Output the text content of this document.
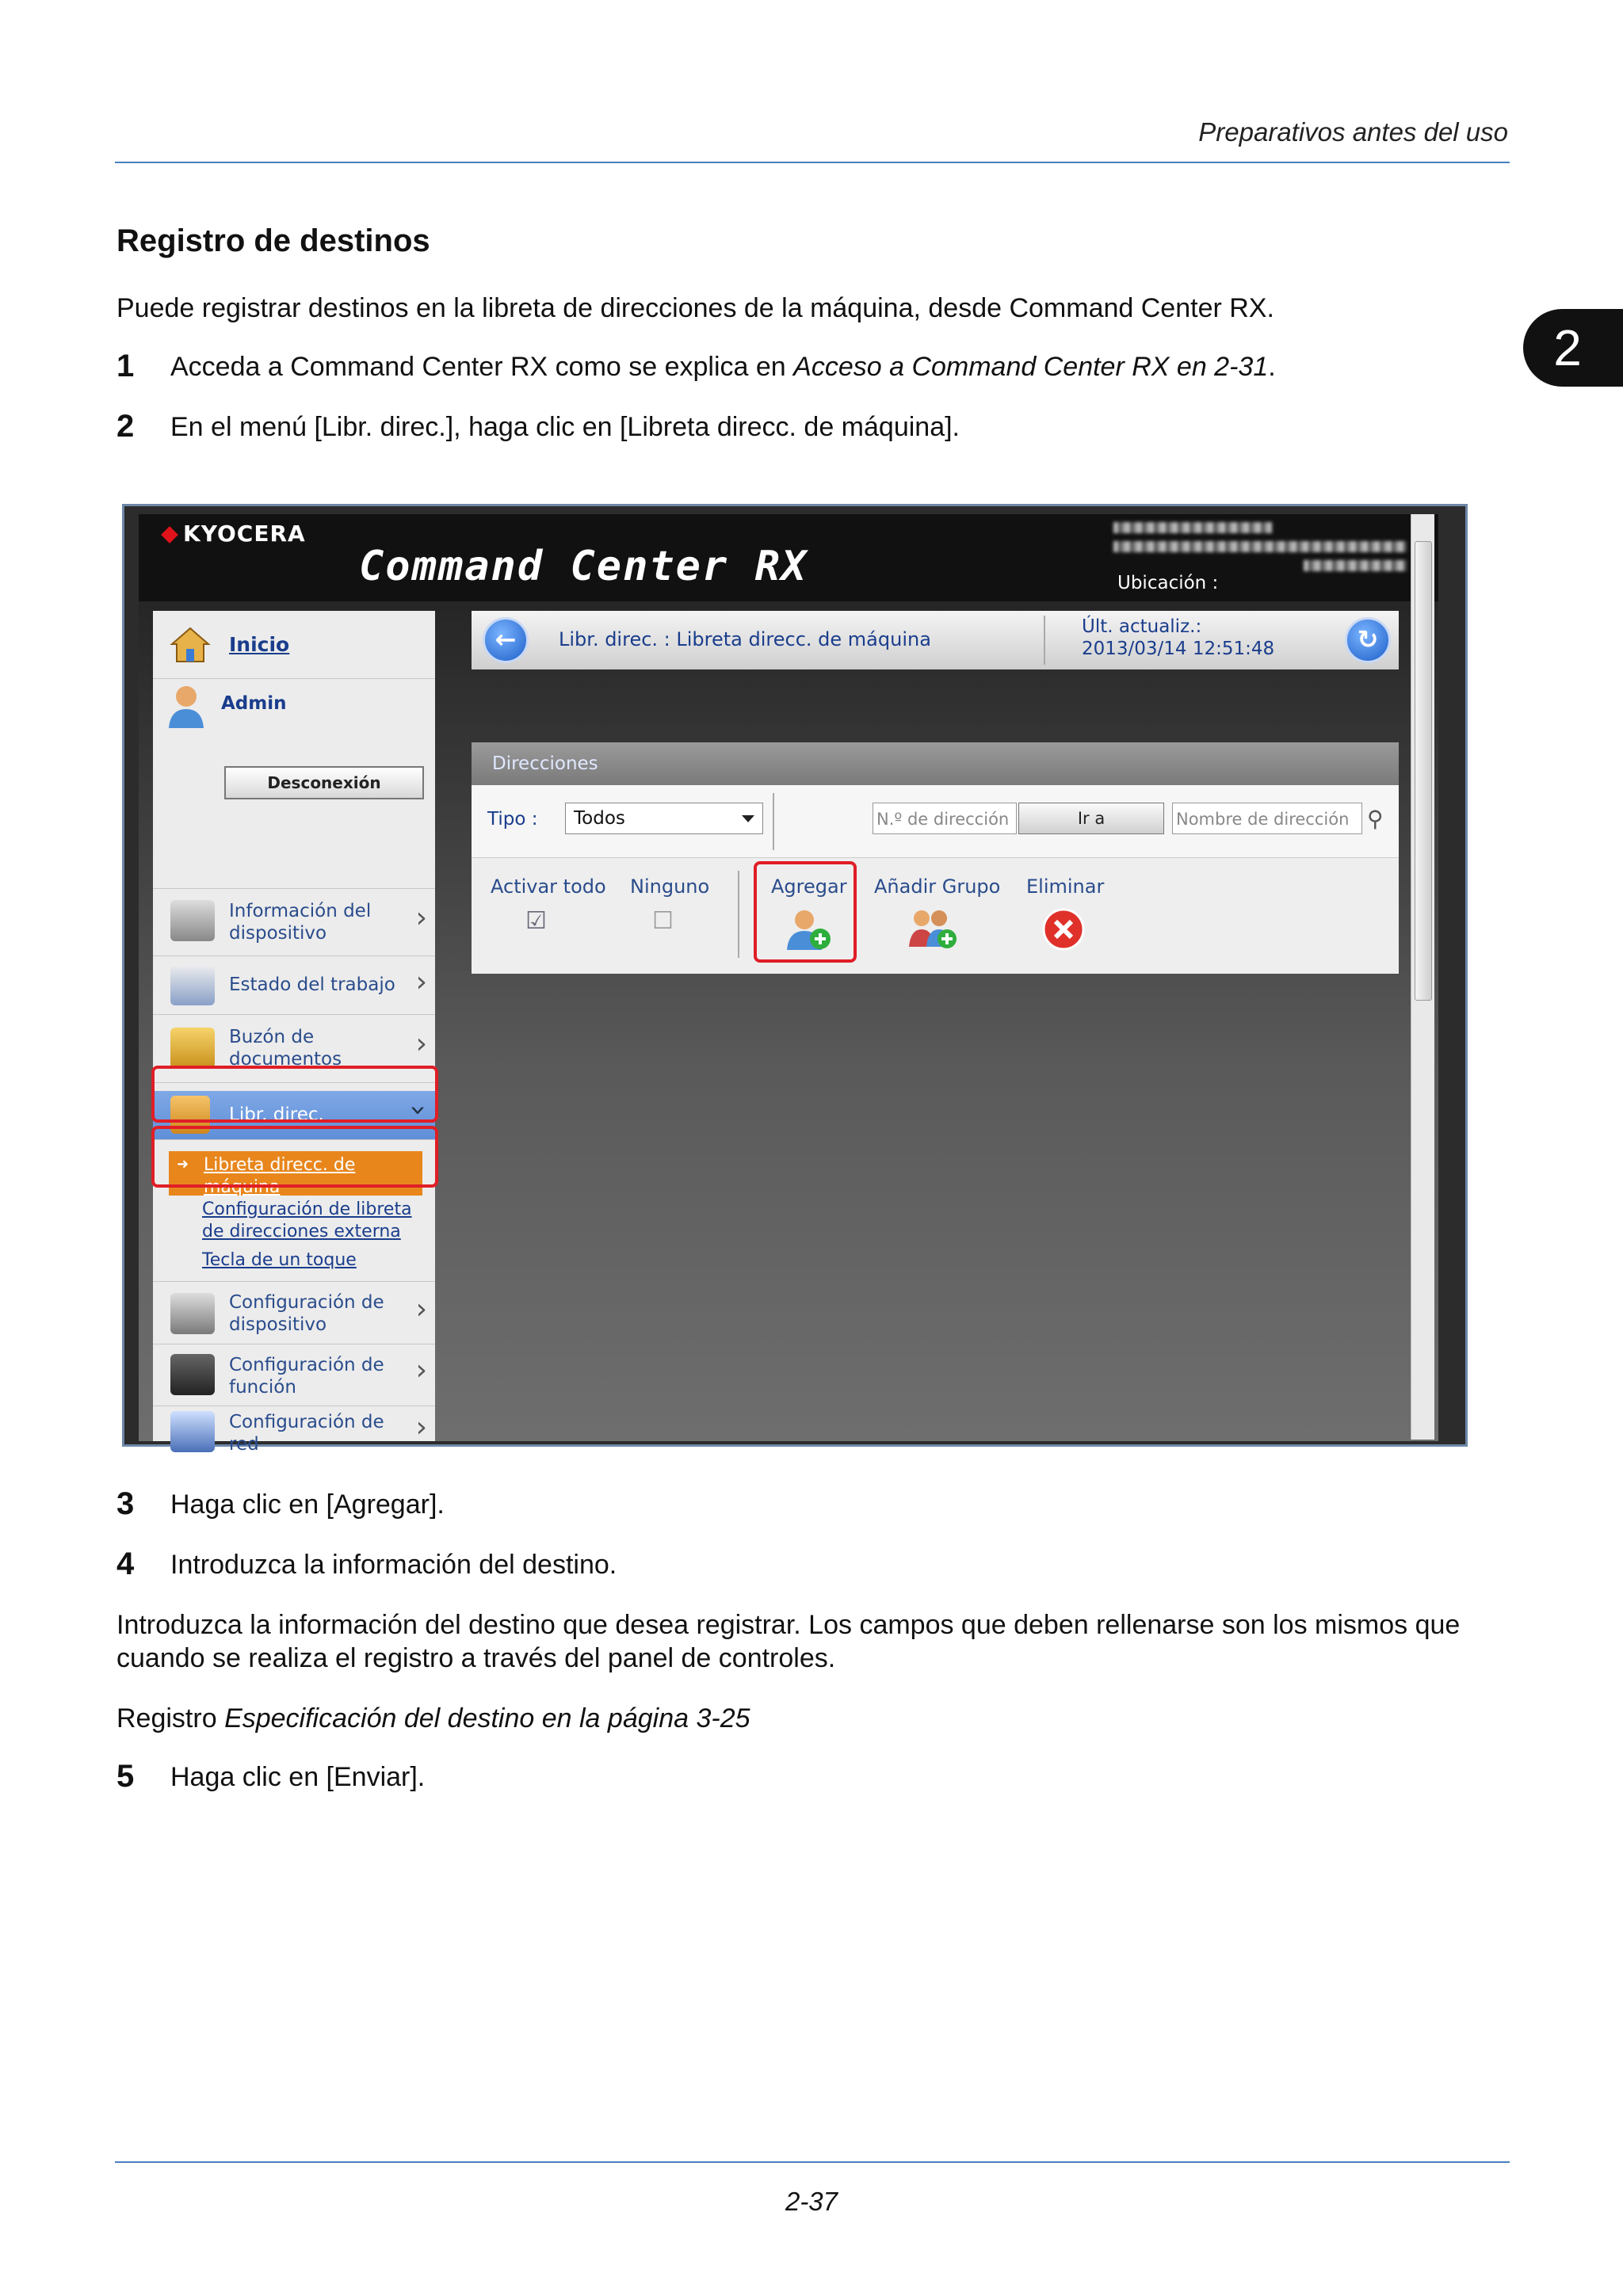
Preparativos antes del uso
2
Registro de destinos
Puede registrar destinos en la libreta de direcciones de la máquina, desde Command Center RX.
1 Acceda a Command Center RX como se explica en Acceso a Command Center RX en 2-31.
2 En el menú [Libr. direc.], haga clic en [Libreta direcc. de máquina].
KYOCERA
Command Center RX	Ubicación :
Inicio
Admin
Desconexión
Información del
dispositivo	›
Estado del trabajo ›
Buzón de
documentos	›
Libr. direc.	›
➜ Libreta direcc. de
máquina
Configuración de libreta
de direcciones externa
Tecla de un toque
Configuración de
dispositivo	›
Configuración de
función
›
Configuración de
red
›
←	Libr. direc. : Libreta direcc. de máquina
Últ. actualiz.:
2013/03/14 12:51:48	↻
Direcciones
Tipo :	Todos	N.º de dirección	Ir a	Nombre de dirección ⚲
Activar todo
☑
Ninguno
☐
Agregar Añadir Grupo Eliminar
3 Haga clic en [Agregar].
4 Introduzca la información del destino.
Introduzca la información del destino que desea registrar. Los campos que deben rellenarse son los mismos que cuando se realiza el registro a través del panel de controles.
Registro Especificación del destino en la página 3-25
5 Haga clic en [Enviar].
2-37
